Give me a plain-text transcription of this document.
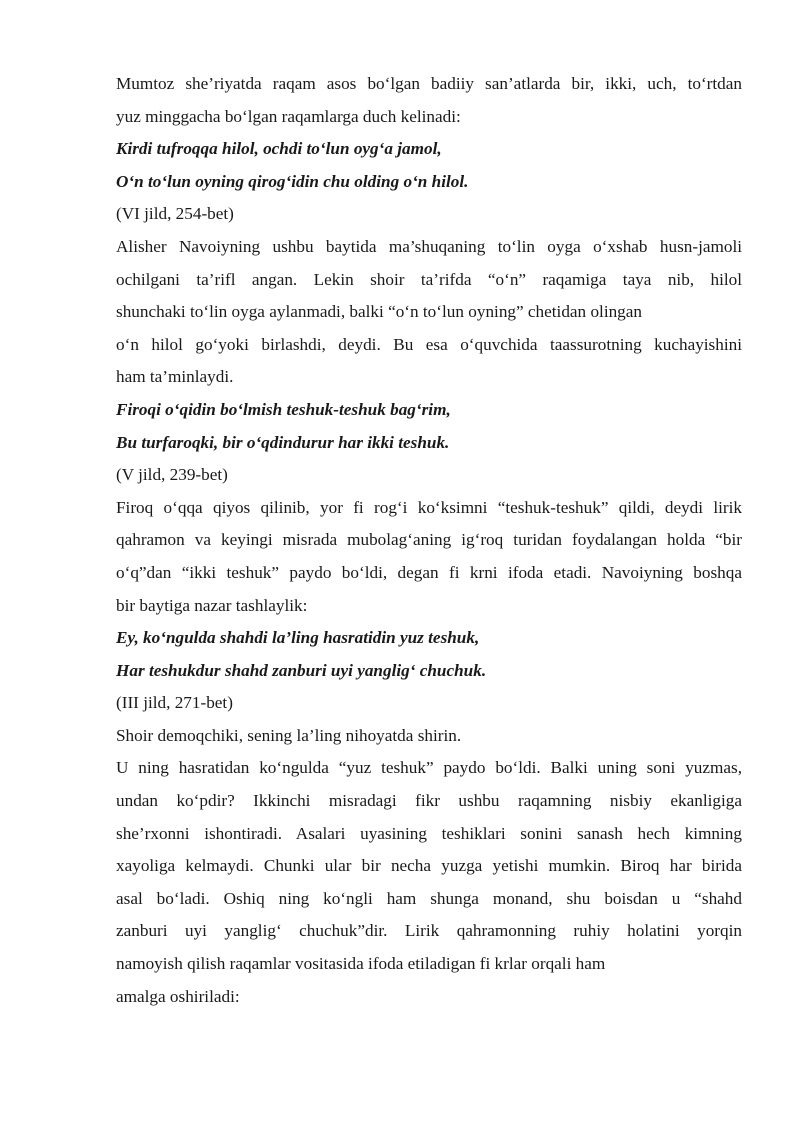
Mumtoz she’riyatda raqam asos bo‘lgan badiiy san’atlarda bir, ikki, uch, to‘rtdan
yuz minggacha bo‘lgan raqamlarga duch kelinadi:
Kirdi tufroqqa hilol, ochdi to‘lun oyg‘a jamol,
O‘n to‘lun oyning qirog‘idin chu olding o‘n hilol.
(VI jild, 254-bet)
Alisher Navoiyning ushbu baytida ma’shuqaning to‘lin oyga o‘xshab husn-jamoli
ochilgani ta’rifl angan. Lekin shoir ta’rifda “o‘n” raqamiga taya nib, hilol
shunchaki to‘lin oyga aylanmadi, balki “o‘n to‘lun oyning” chetidan olingan
o‘n hilol go‘yoki birlashdi, deydi. Bu esa o‘quvchida taassurotning kuchayishini
ham ta’minlaydi.
Firoqi o‘qidin bo‘lmish teshuk-teshuk bag‘rim,
Bu turfaroqki, bir o‘qdindurur har ikki teshuk.
(V jild, 239-bet)
Firoq o‘qqa qiyos qilinib, yor fi rog‘i ko‘ksimni “teshuk-teshuk” qildi, deydi lirik
qahramon va keyingi misrada mubolag‘aning ig‘roq turidan foydalangan holda “bir
o‘q”dan “ikki teshuk” paydo bo‘ldi, degan fi krni ifoda etadi. Navoiyning boshqa
bir baytiga nazar tashlaylik:
Ey, ko‘ngulda shahdi la’ling hasratidin yuz teshuk,
Har teshukdur shahd zanburi uyi yanglig‘ chuchuk.
(III jild, 271-bet)
Shoir demoqchiki, sening la’ling nihoyatda shirin.
U ning hasratidan ko‘ngulda “yuz teshuk” paydo bo‘ldi. Balki uning soni yuzmas,
undan ko‘pdir? Ikkinchi misradagi fikr ushbu raqamning nisbiy ekanligiga
she’rxonni ishontiradi. Asalari uyasining teshiklari sonini sanash hech kimning
xayoliga kelmaydi. Chunki ular bir necha yuzga yetishi mumkin. Biroq har birida
asal bo‘ladi. Oshiq ning ko‘ngli ham shunga monand, shu boisdan u “shahd
zanburi uyi yanglig‘ chuchuk”dir. Lirik qahramonning ruhiy holatini yorqin
namoyish qilish raqamlar vositasida ifoda etiladigan fi krlar orqali ham
amalga oshiriladi:
